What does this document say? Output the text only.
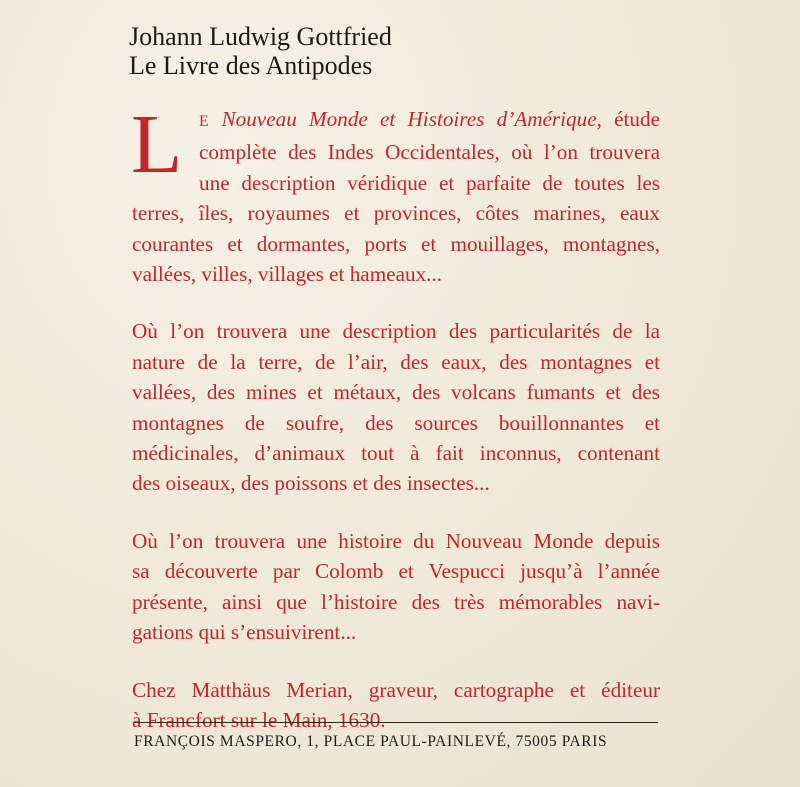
Johann Ludwig Gottfried
Le Livre des Antipodes
L	E Nouveau Monde et Histoires d’Amérique, étude
complète des Indes Occidentales, où l’on trouvera
une description véridique et parfaite de toutes les
terres, îles, royaumes et provinces, côtes marines, eaux
courantes et dormantes, ports et mouillages, montagnes,
vallées, villes, villages et hameaux...
Où l’on trouvera une description des particularités de la
nature de la terre, de l’air, des eaux, des montagnes et
vallées, des mines et métaux, des volcans fumants et des
montagnes de soufre, des sources bouillonnantes et
médicinales, d’animaux tout à fait inconnus, contenant
des oiseaux, des poissons et des insectes...
Où l’on trouvera une histoire du Nouveau Monde depuis
sa découverte par Colomb et Vespucci jusqu’à l’année
présente, ainsi que l’histoire des très mémorables navi-
gations qui s’ensuivirent...
Chez Matthäus Merian, graveur, cartographe et éditeur
à Francfort sur le Main, 1630.
FRANÇOIS MASPERO, 1, PLACE PAUL-PAINLEVÉ, 75005 PARIS
